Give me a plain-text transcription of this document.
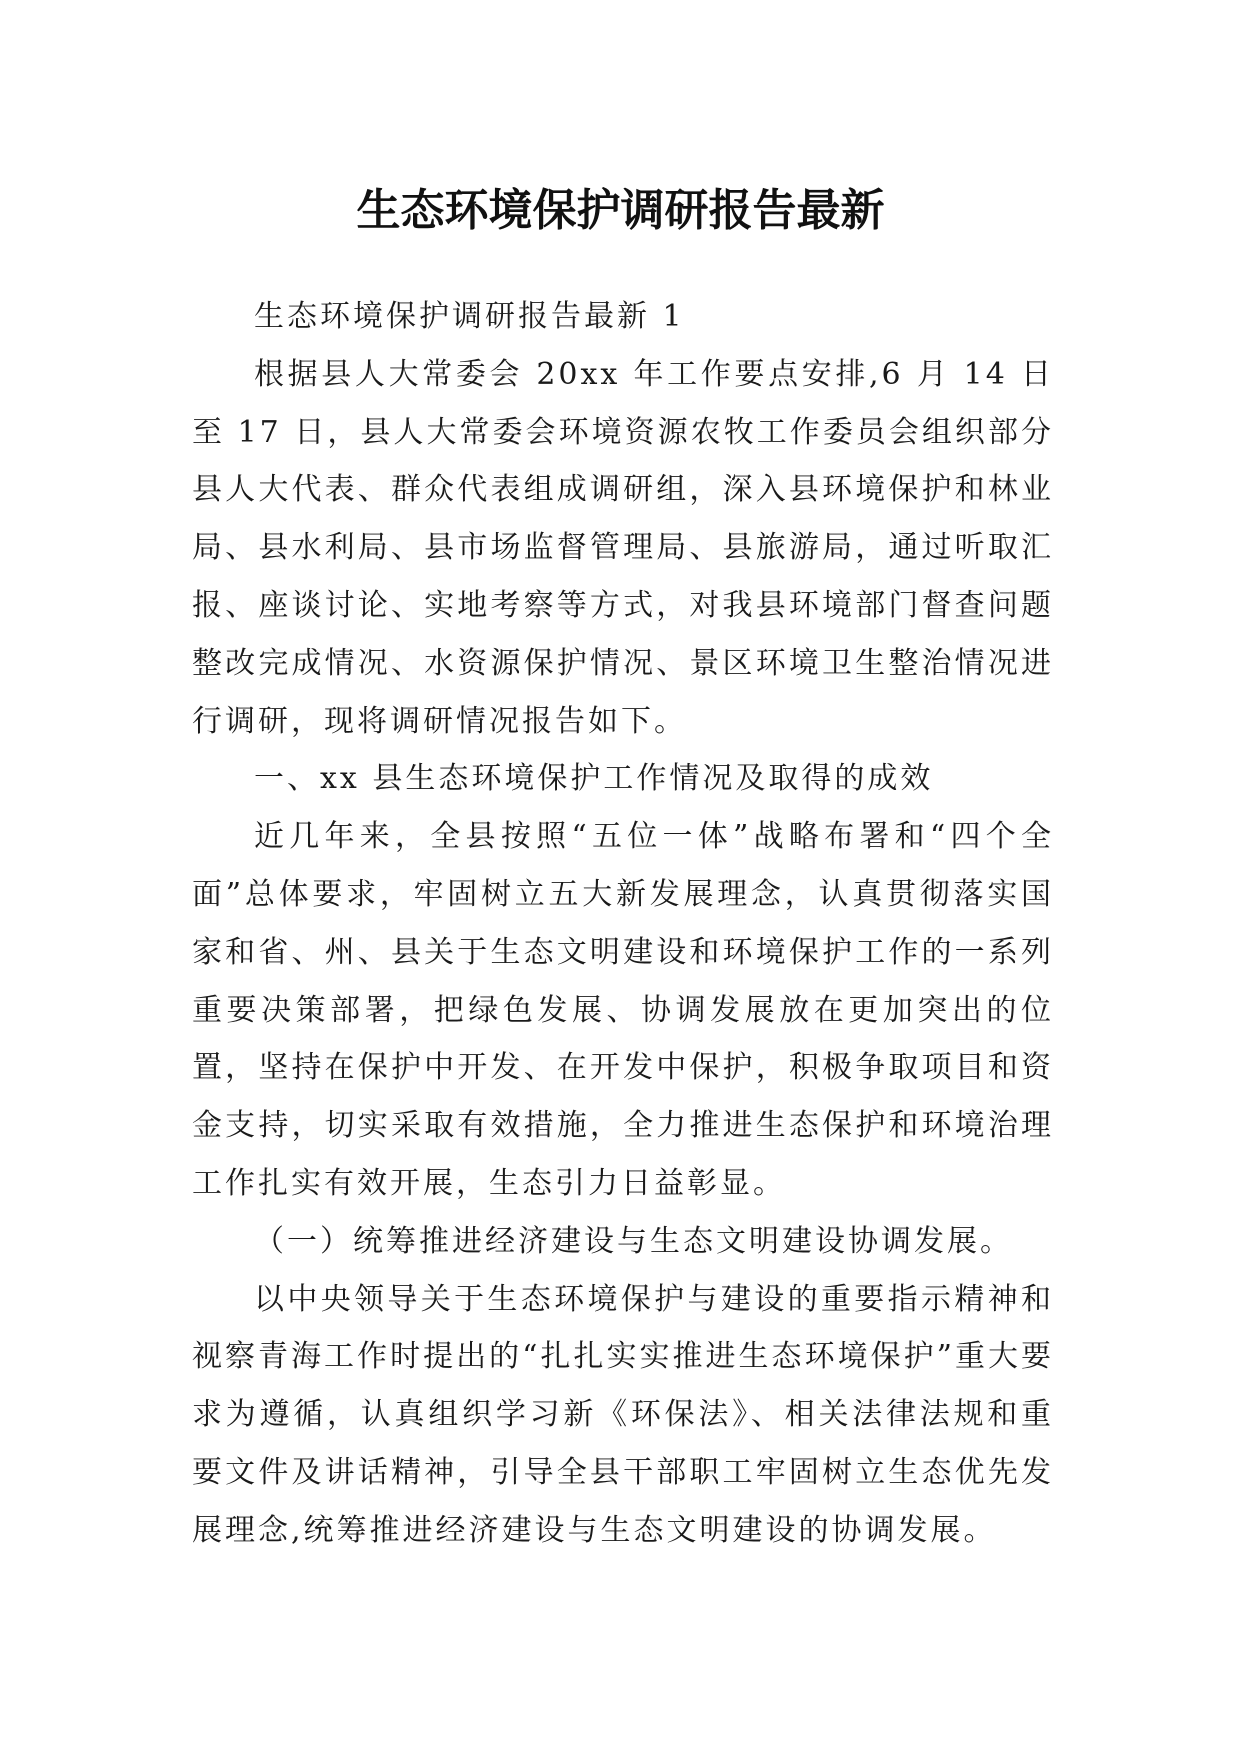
生态环境保护调研报告最新

生态环境保护调研报告最新 1

根据县人大常委会 20xx 年工作要点安排,6 月 14 日至 17 日，县人大常委会环境资源农牧工作委员会组织部分县人大代表、群众代表组成调研组，深入县环境保护和林业局、县水利局、县市场监督管理局、县旅游局，通过听取汇报、座谈讨论、实地考察等方式，对我县环境部门督查问题整改完成情况、水资源保护情况、景区环境卫生整治情况进行调研，现将调研情况报告如下。

一、xx 县生态环境保护工作情况及取得的成效

近几年来，全县按照“五位一体”战略布署和“四个全面”总体要求，牢固树立五大新发展理念，认真贯彻落实国家和省、州、县关于生态文明建设和环境保护工作的一系列重要决策部署，把绿色发展、协调发展放在更加突出的位置，坚持在保护中开发、在开发中保护，积极争取项目和资金支持，切实采取有效措施，全力推进生态保护和环境治理工作扎实有效开展，生态引力日益彰显。

（一）统筹推进经济建设与生态文明建设协调发展。

以中央领导关于生态环境保护与建设的重要指示精神和视察青海工作时提出的“扎扎实实推进生态环境保护”重大要求为遵循，认真组织学习新《环保法》、相关法律法规和重要文件及讲话精神，引导全县干部职工牢固树立生态优先发展理念,统筹推进经济建设与生态文明建设的协调发展。
